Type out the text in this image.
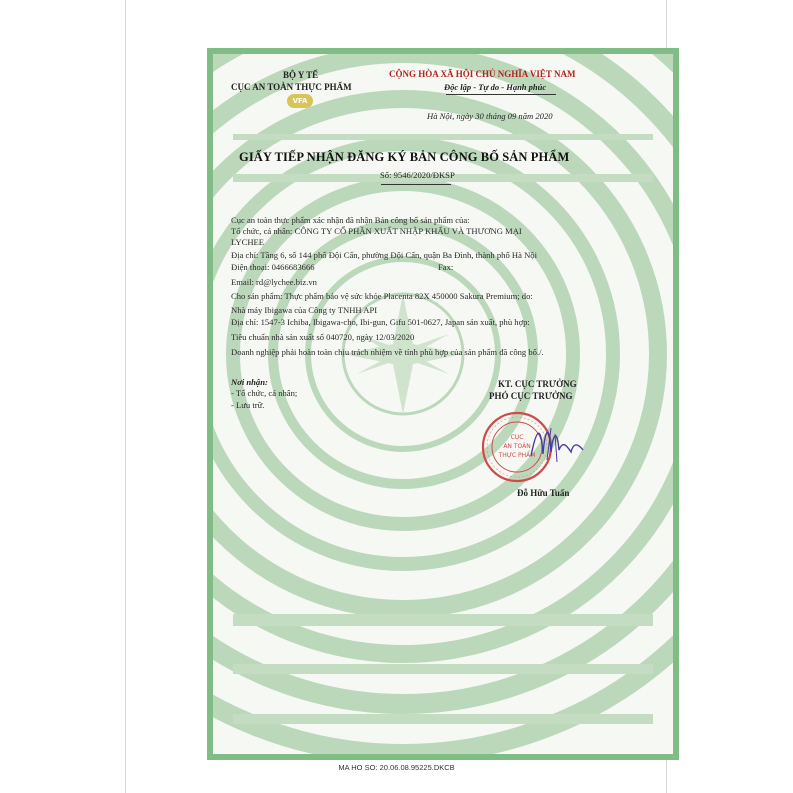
BỘ Y TẾ
CỤC AN TOÀN THỰC PHẨM
VFA
CỘNG HÒA XÃ HỘI CHỦ NGHĨA VIỆT NAM
Độc lập - Tự do - Hạnh phúc
Hà Nội, ngày 30 tháng 09 năm 2020
GIẤY TIẾP NHẬN ĐĂNG KÝ BẢN CÔNG BỐ SẢN PHẨM
Số: 9546/2020/ĐKSP
Cục an toàn thực phẩm xác nhận đã nhận Bản công bố sản phẩm của:
Tổ chức, cá nhân: CÔNG TY CỔ PHẦN XUẤT NHẬP KHẨU VÀ THƯƠNG MẠI
LYCHEE
Địa chỉ: Tầng 6, số 144 phố Đội Cấn, phường Đội Cấn, quận Ba Đình, thành phố Hà Nội
Điện thoại: 0466683666	Fax:
Email: rd@lychee.biz.vn
Cho sản phẩm: Thực phẩm bảo vệ sức khỏe Placenta 82X 450000 Sakura Premium; do:
Nhà máy Ibigawa của Công ty TNHH API
Địa chỉ: 1547-3 Ichiba, Ibigawa-cho, Ibi-gun, Gifu 501-0627, Japan sản xuất, phù hợp:
Tiêu chuẩn nhà sản xuất số 040720, ngày 12/03/2020
Doanh nghiệp phải hoàn toàn chịu trách nhiệm về tính phù hợp của sản phẩm đã công bố./.
Nơi nhận:
- Tổ chức, cá nhân;
- Lưu trữ.
KT. CỤC TRƯỞNG
PHÓ CỤC TRƯỞNG
CỤC
AN TOÀN
THỰC PHẨM
Đỗ Hữu Tuấn
MA HO SO: 20.06.08.95225.DKCB
